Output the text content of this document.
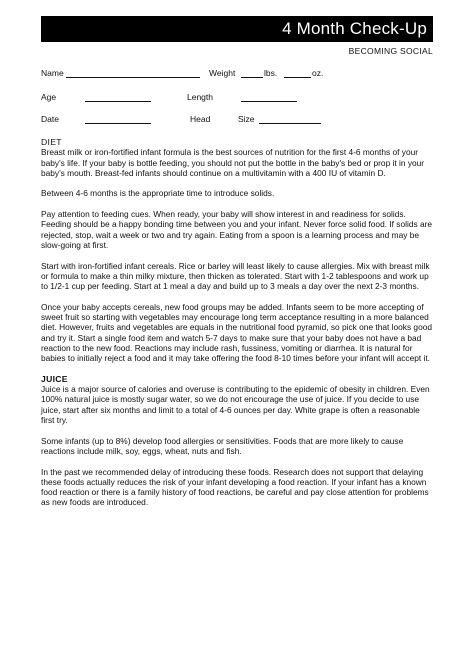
4 Month Check-Up
BECOMING SOCIAL
Name	Weight	lbs.	oz.
Age	Length
Date	Head	Size
DIET

Breast milk or iron-fortified infant formula is the best sources of nutrition for the first 4-6 months of your baby's life. If your baby is bottle feeding, you should not put the bottle in the baby's bed or prop it in your baby's mouth. Breast-fed infants should continue on a multivitamin with a 400 IU of vitamin D.

Between 4-6 months is the appropriate time to introduce solids.

Pay attention to feeding cues. When ready, your baby will show interest in and readiness for solids. Feeding should be a happy bonding time between you and your infant. Never force solid food. If solids are rejected, stop, wait a week or two and try again. Eating from a spoon is a learning process and may be slow-going at first.

Start with iron-fortified infant cereals. Rice or barley will least likely to cause allergies. Mix with breast milk or formula to make a thin milky mixture, then thicken as tolerated. Start with 1-2 tablespoons and work up to 1/2-1 cup per feeding. Start at 1 meal a day and build up to 3 meals a day over the next 2-3 months.

Once your baby accepts cereals, new food groups may be added. Infants seem to be more accepting of sweet fruit so starting with vegetables may encourage long term acceptance resulting in a more balanced diet. However, fruits and vegetables are equals in the nutritional food pyramid, so pick one that looks good and try it. Start a single food item and watch 5-7 days to make sure that your baby does not have a bad reaction to the new food. Reactions may include rash, fussiness, vomiting or diarrhea. It is natural for babies to initially reject a food and it may take offering the food 8-10 times before your infant will accept it.

JUICE

Juice is a major source of calories and overuse is contributing to the epidemic of obesity in children. Even 100% natural juice is mostly sugar water, so we do not encourage the use of juice. If you decide to use juice, start after six months and limit to a total of 4-6 ounces per day. White grape is often a reasonable first try.

Some infants (up to 8%) develop food allergies or sensitivities. Foods that are more likely to cause reactions include milk, soy, eggs, wheat, nuts and fish.

In the past we recommended delay of introducing these foods. Research does not support that delaying these foods actually reduces the risk of your infant developing a food reaction. If your infant has a known food reaction or there is a family history of food reactions, be careful and pay close attention for problems as new foods are introduced.
